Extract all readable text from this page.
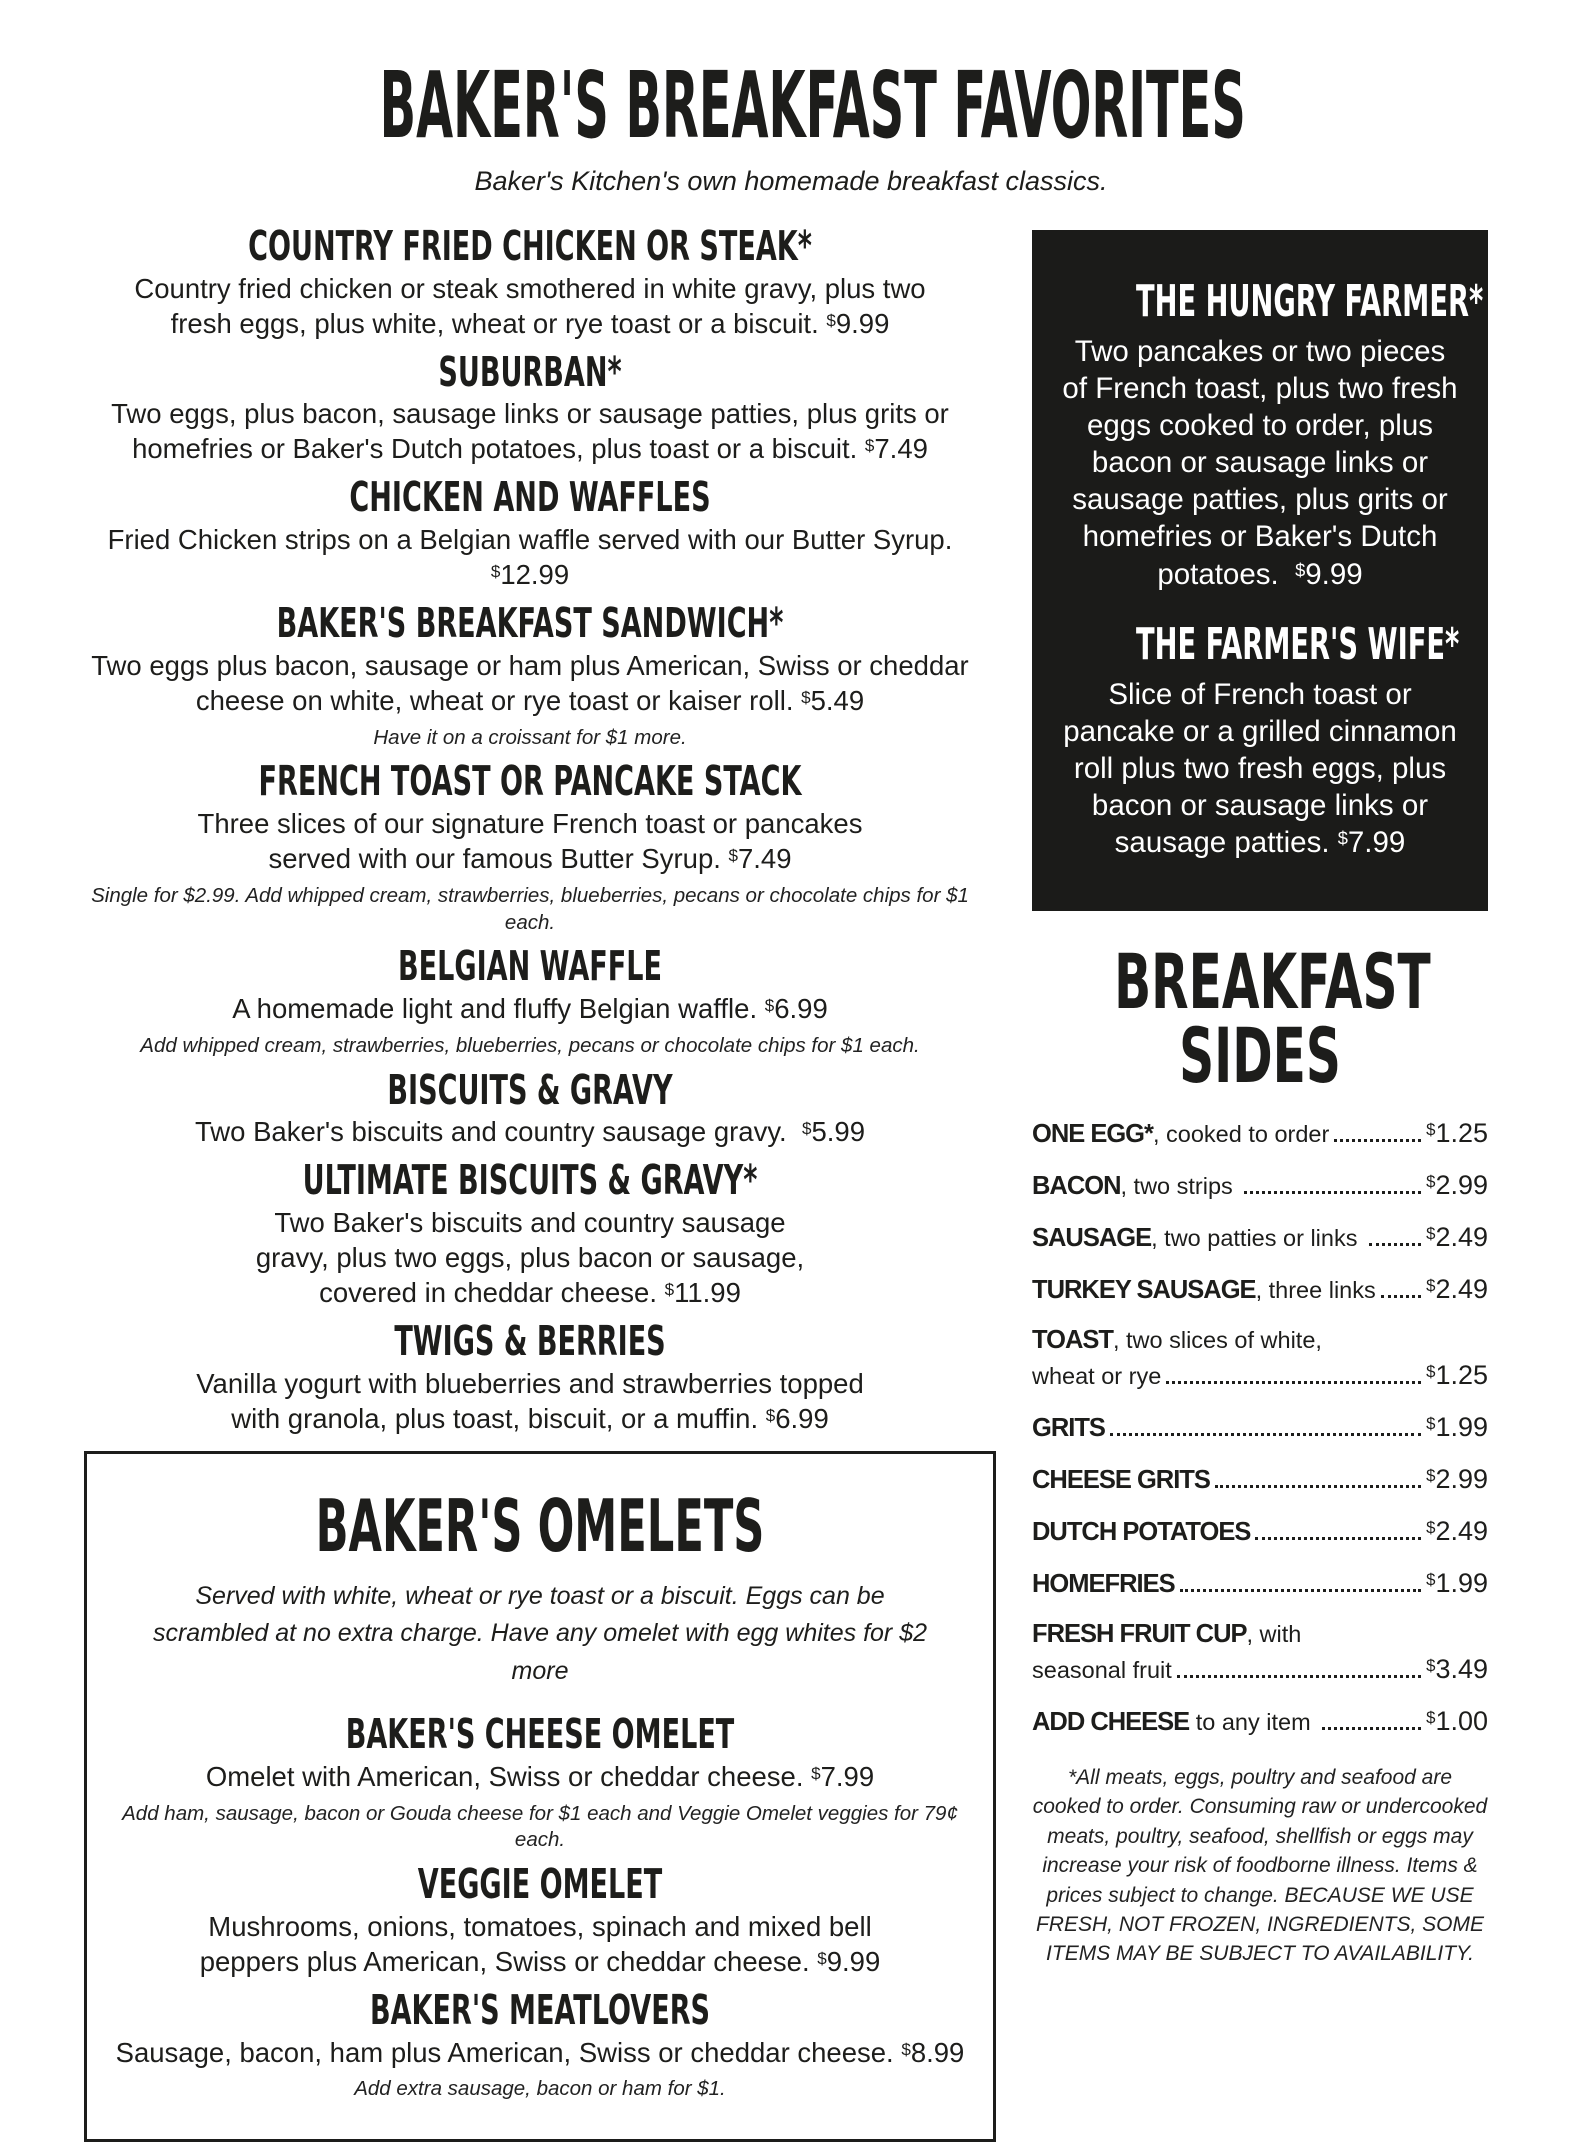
BAKER'S BREAKFAST FAVORITES
Baker's Kitchen's own homemade breakfast classics.
COUNTRY FRIED CHICKEN OR STEAK*

Country fried chicken or steak smothered in white gravy, plus two fresh eggs, plus white, wheat or rye toast or a biscuit. $9.99

SUBURBAN*

Two eggs, plus bacon, sausage links or sausage patties, plus grits or homefries or Baker's Dutch potatoes, plus toast or a biscuit. $7.49

CHICKEN AND WAFFLES

Fried Chicken strips on a Belgian waffle served with our Butter Syrup. $12.99

BAKER'S BREAKFAST SANDWICH*

Two eggs plus bacon, sausage or ham plus American, Swiss or cheddar cheese on white, wheat or rye toast or kaiser roll. $5.49

Have it on a croissant for $1 more.

FRENCH TOAST OR PANCAKE STACK

Three slices of our signature French toast or pancakes served with our famous Butter Syrup. $7.49

Single for $2.99. Add whipped cream, strawberries, blueberries, pecans or chocolate chips for $1 each.

BELGIAN WAFFLE

A homemade light and fluffy Belgian waffle. $6.99

Add whipped cream, strawberries, blueberries, pecans or chocolate chips for $1 each.

BISCUITS & GRAVY

Two Baker's biscuits and country sausage gravy. $5.99

ULTIMATE BISCUITS & GRAVY*

Two Baker's biscuits and country sausage gravy, plus two eggs, plus bacon or sausage, covered in cheddar cheese. $11.99

TWIGS & BERRIES

Vanilla yogurt with blueberries and strawberries topped with granola, plus toast, biscuit, or a muffin. $6.99

BAKER'S OMELETS

Served with white, wheat or rye toast or a biscuit. Eggs can be scrambled at no extra charge. Have any omelet with egg whites for $2 more

BAKER'S CHEESE OMELET

Omelet with American, Swiss or cheddar cheese. $7.99

Add ham, sausage, bacon or Gouda cheese for $1 each and Veggie Omelet veggies for 79¢ each.

VEGGIE OMELET

Mushrooms, onions, tomatoes, spinach and mixed bell peppers plus American, Swiss or cheddar cheese. $9.99

BAKER'S MEATLOVERS

Sausage, bacon, ham plus American, Swiss or cheddar cheese. $8.99

Add extra sausage, bacon or ham for $1.

THE HUNGRY FARMER*

Two pancakes or two pieces of French toast, plus two fresh eggs cooked to order, plus bacon or sausage links or sausage patties, plus grits or homefries or Baker's Dutch potatoes. $9.99

THE FARMER'S WIFE*

Slice of French toast or pancake or a grilled cinnamon roll plus two fresh eggs, plus bacon or sausage links or sausage patties. $7.99

BREAKFAST
SIDES
ONE EGG* , cooked to order	$1.25
BACON , two strips	$2.99
SAUSAGE , two patties or links	$2.49
TURKEY SAUSAGE , three links	$2.49
TOAST, two slices of white,
wheat or rye	$1.25
GRITS	$1.99
CHEESE GRITS	$2.99
DUTCH POTATOES	$2.49
HOMEFRIES	$1.99
FRESH FRUIT CUP, with
seasonal fruit	$3.49
ADD CHEESE to any item	$1.00
*All meats, eggs, poultry and seafood are cooked to order. Consuming raw or undercooked meats, poultry, seafood, shellfish or eggs may increase your risk of foodborne illness. Items & prices subject to change. BECAUSE WE USE FRESH, NOT FROZEN, INGREDIENTS, SOME ITEMS MAY BE SUBJECT TO AVAILABILITY.
